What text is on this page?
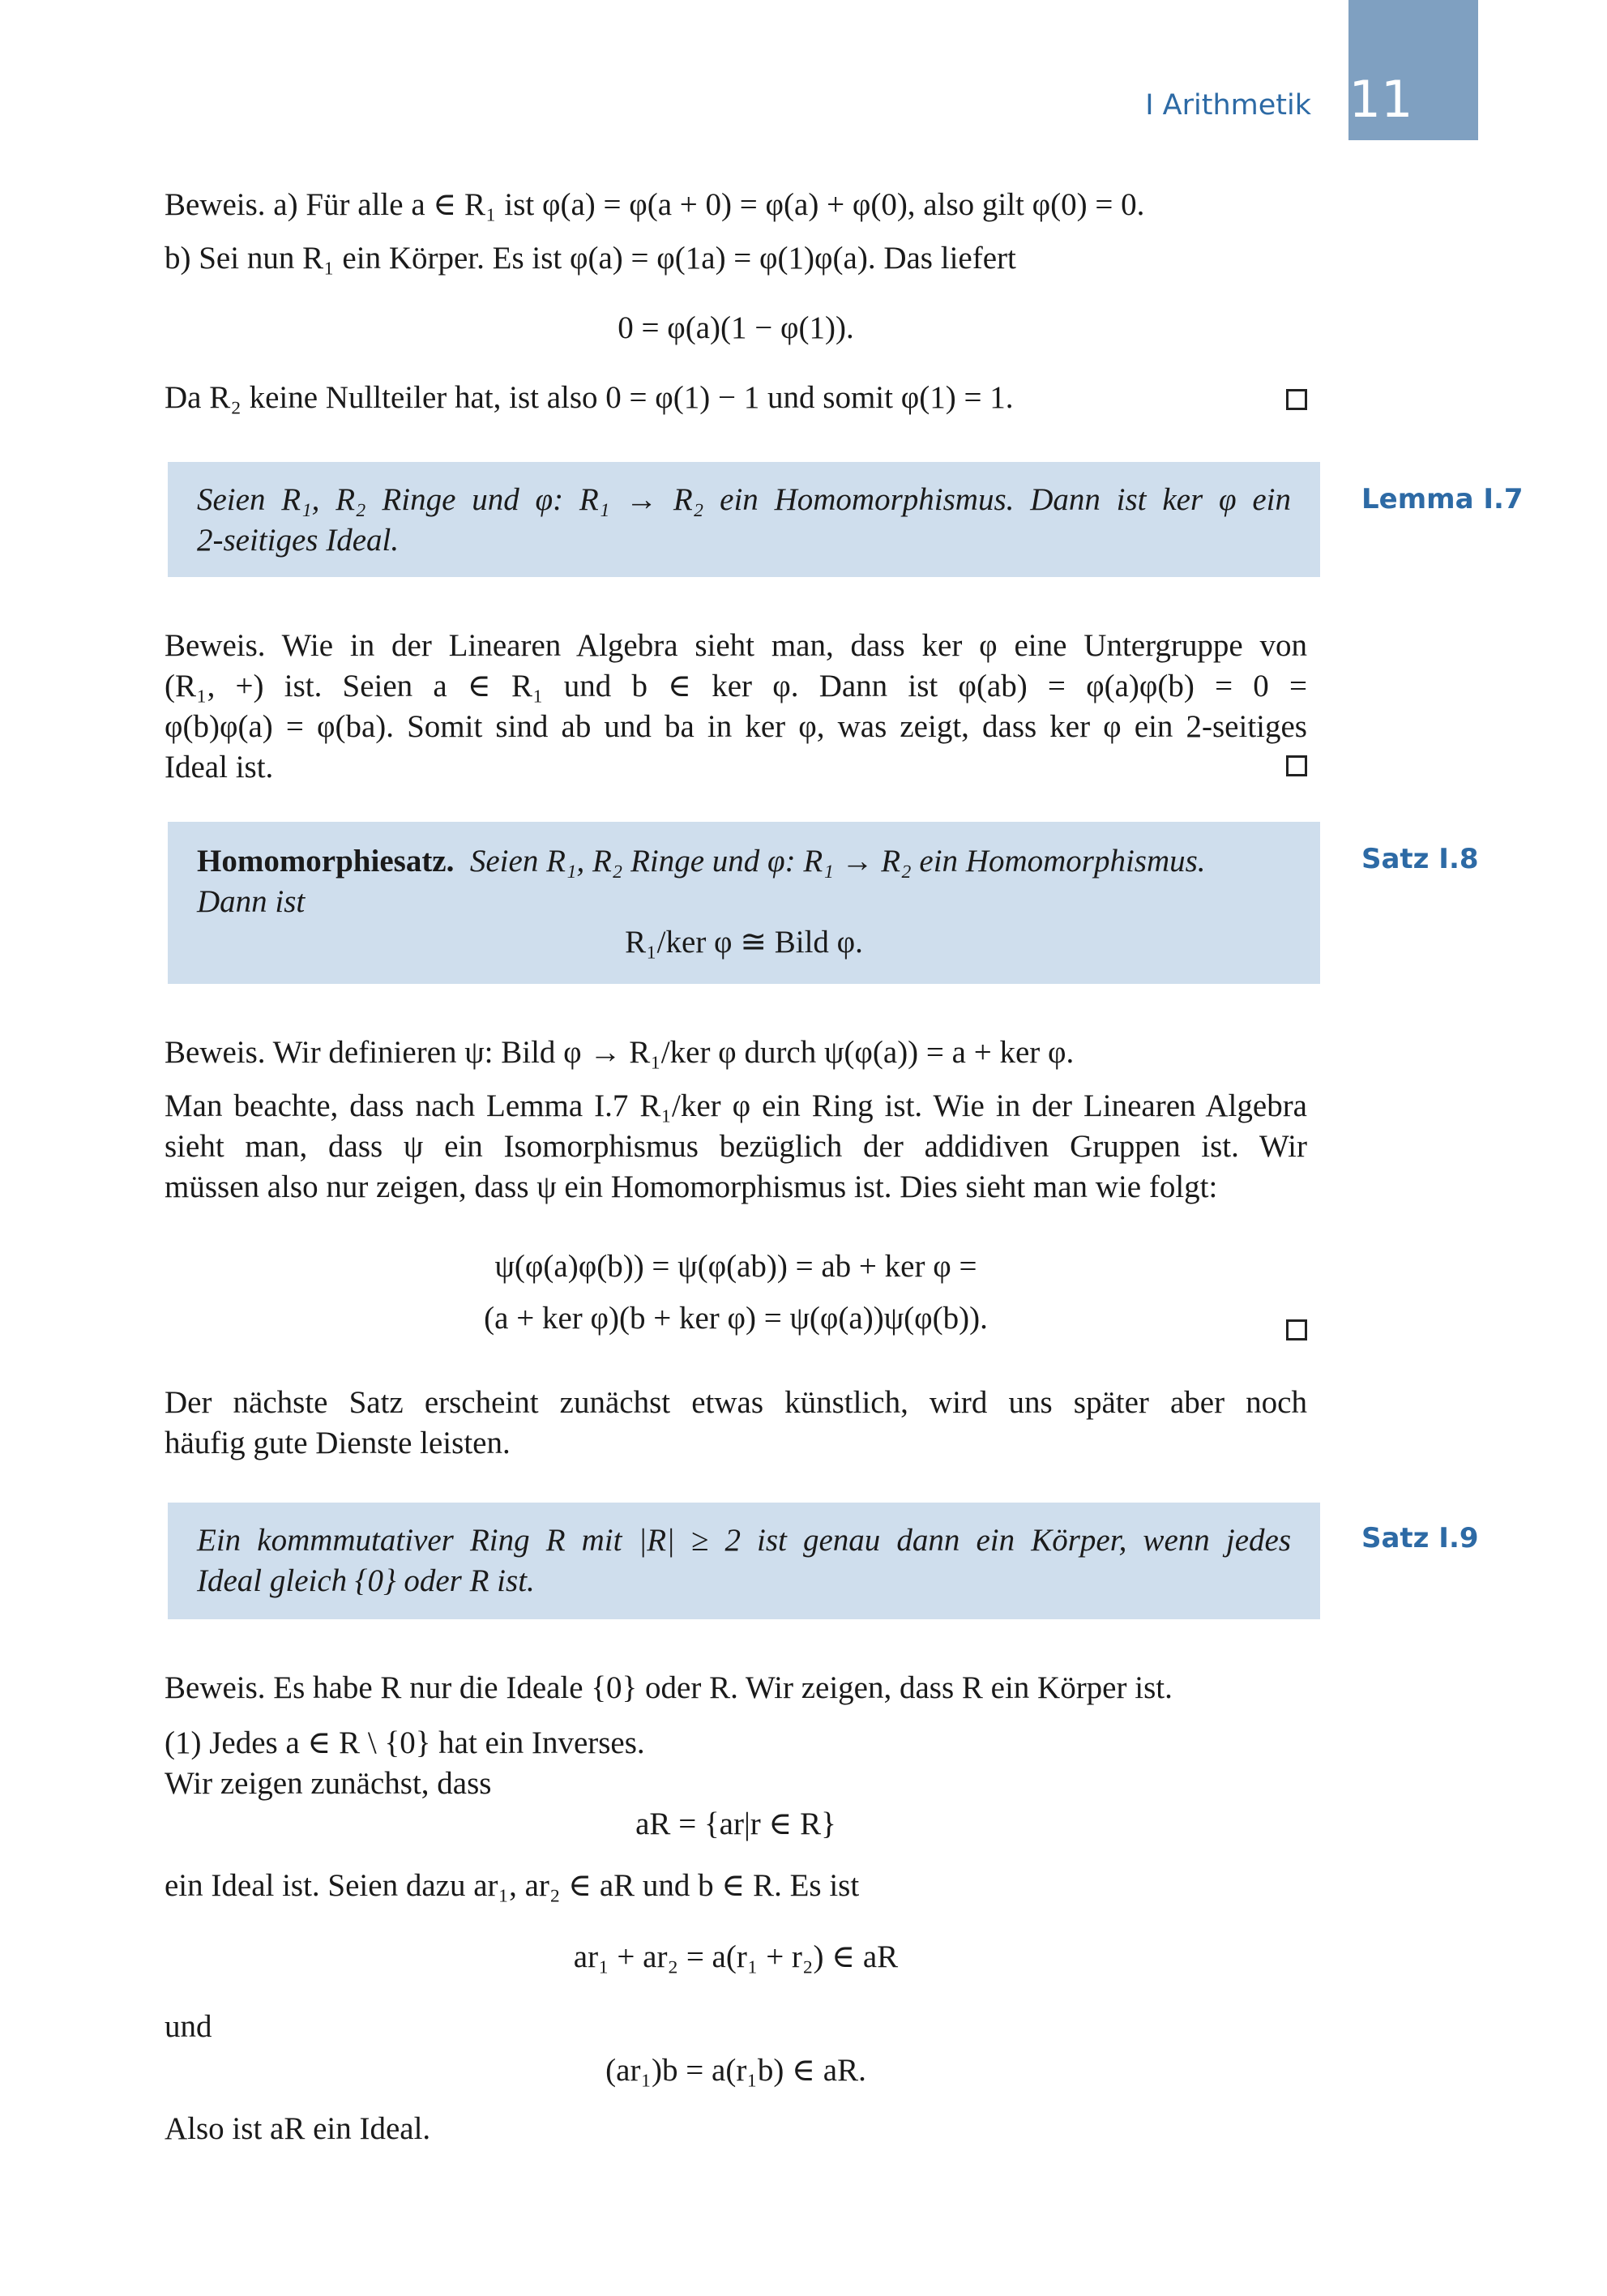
I Arithmetik 11
Beweis. a) Für alle a ∈ R₁ ist φ(a) = φ(a + 0) = φ(a) + φ(0), also gilt φ(0) = 0.
b) Sei nun R₁ ein Körper. Es ist φ(a) = φ(1a) = φ(1)φ(a). Das liefert
0 = φ(a)(1 − φ(1)).
Da R₂ keine Nullteiler hat, ist also 0 = φ(1) − 1 und somit φ(1) = 1.
Seien R₁, R₂ Ringe und φ: R₁ → R₂ ein Homomorphismus. Dann ist ker φ ein
2-seitiges Ideal.
Lemma I.7
Beweis. Wie in der Linearen Algebra sieht man, dass ker φ eine Untergruppe von
(R₁, +) ist. Seien a ∈ R₁ und b ∈ ker φ. Dann ist φ(ab) = φ(a)φ(b) = 0 =
φ(b)φ(a) = φ(ba). Somit sind ab und ba in ker φ, was zeigt, dass ker φ ein 2-seitiges
Ideal ist.
Homomorphiesatz. Seien R₁, R₂ Ringe und φ: R₁ → R₂ ein Homomorphismus.
Dann ist
R₁/ker φ ≅ Bild φ.
Satz I.8
Beweis. Wir definieren ψ: Bild φ → R₁/ker φ durch ψ(φ(a)) = a + ker φ.
Man beachte, dass nach Lemma I.7 R₁/ker φ ein Ring ist. Wie in der Linearen Algebra
sieht man, dass ψ ein Isomorphismus bezüglich der addidiven Gruppen ist. Wir
müssen also nur zeigen, dass ψ ein Homomorphismus ist. Dies sieht man wie folgt:
ψ(φ(a)φ(b)) = ψ(φ(ab)) = ab + ker φ =
(a + ker φ)(b + ker φ) = ψ(φ(a))ψ(φ(b)).
Der nächste Satz erscheint zunächst etwas künstlich, wird uns später aber noch
häufig gute Dienste leisten.
Ein kommmutativer Ring R mit |R| ≥ 2 ist genau dann ein Körper, wenn jedes
Ideal gleich {0} oder R ist.
Satz I.9
Beweis. Es habe R nur die Ideale {0} oder R. Wir zeigen, dass R ein Körper ist.
(1) Jedes a ∈ R \ {0} hat ein Inverses.
Wir zeigen zunächst, dass
aR = {ar|r ∈ R}
ein Ideal ist. Seien dazu ar₁, ar₂ ∈ aR und b ∈ R. Es ist
ar₁ + ar₂ = a(r₁ + r₂) ∈ aR
und
(ar₁)b = a(r₁b) ∈ aR.
Also ist aR ein Ideal.
